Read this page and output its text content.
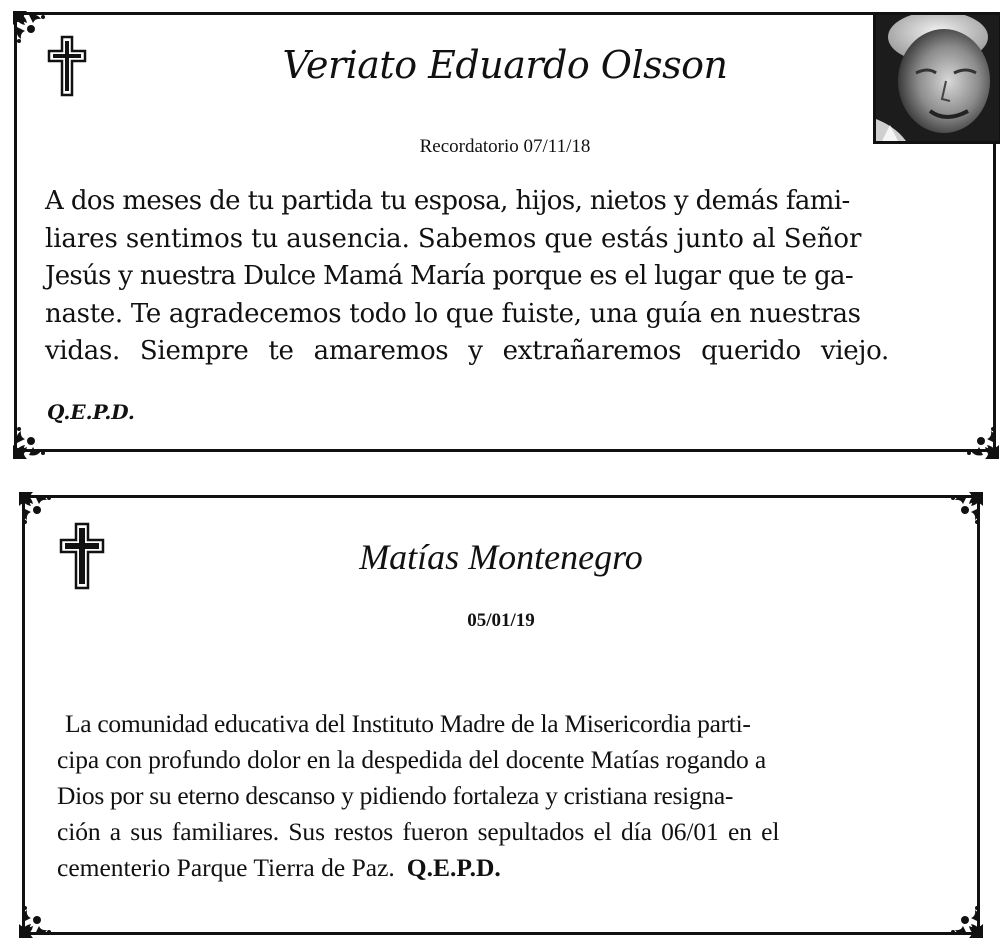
Veriato Eduardo Olsson
Recordatorio 07/11/18
A dos meses de tu partida tu esposa, hijos, nietos y demás fami-
liares sentimos tu ausencia. Sabemos que estás junto al Señor
Jesús y nuestra Dulce Mamá María porque es el lugar que te ga-
naste. Te agradecemos todo lo que fuiste, una guía en nuestras
vidas. Siempre te amaremos y extrañaremos querido viejo.
Q.E.P.D.
Matías Montenegro
05/01/19
La comunidad educativa del Instituto Madre de la Misericordia parti-
cipa con profundo dolor en la despedida del docente Matías rogando a
Dios por su eterno descanso y pidiendo fortaleza y cristiana resigna-
ción a sus familiares. Sus restos fueron sepultados el día 06/01 en el
cementerio Parque Tierra de Paz. Q.E.P.D.
